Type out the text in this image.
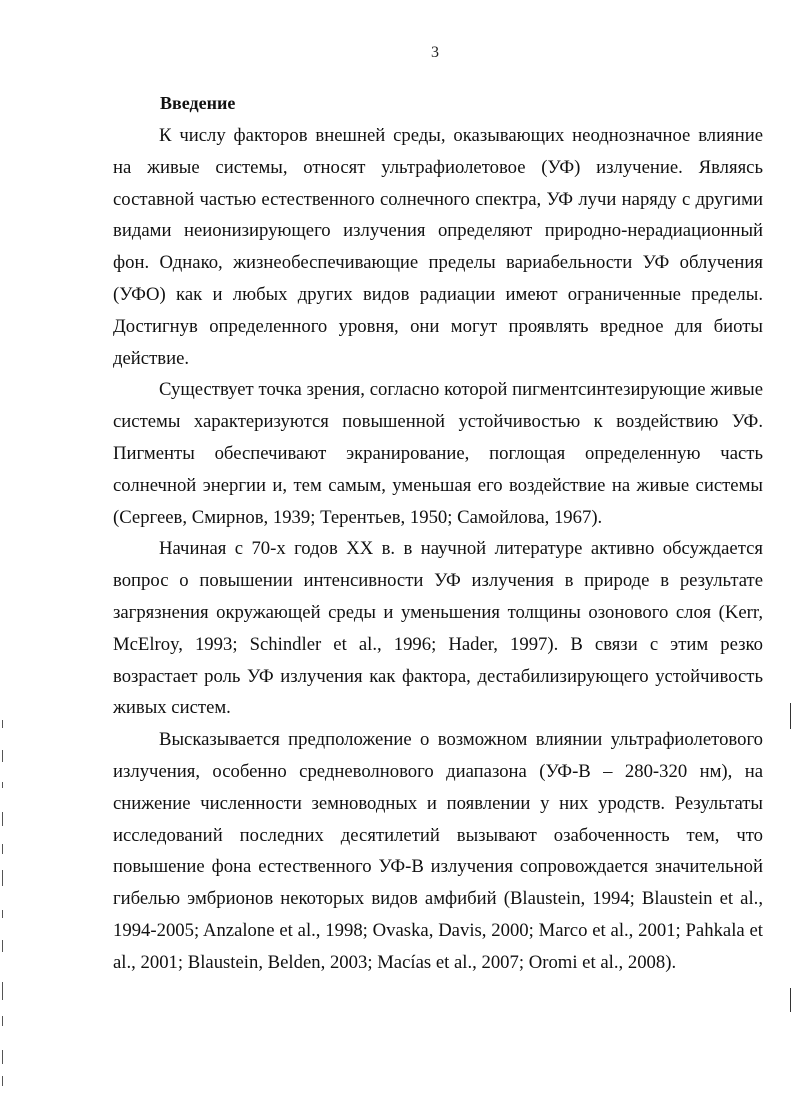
3
Введение

К числу факторов внешней среды, оказывающих неоднозначное влияние на живые системы, относят ультрафиолетовое (УФ) излучение. Являясь составной частью естественного солнечного спектра, УФ лучи наряду с другими видами неионизирующего излучения определяют природно-нерадиационный фон. Однако, жизнеобеспечивающие пределы вариабельности УФ облучения (УФО) как и любых других видов радиации имеют ограниченные пределы. Достигнув определенного уровня, они могут проявлять вредное для биоты действие.

Существует точка зрения, согласно которой пигментсинтезирующие живые системы характеризуются повышенной устойчивостью к воздействию УФ. Пигменты обеспечивают экранирование, поглощая определенную часть солнечной энергии и, тем самым, уменьшая его воздействие на живые системы (Сергеев, Смирнов, 1939; Терентьев, 1950; Самойлова, 1967).

Начиная с 70-х годов XX в. в научной литературе активно обсуждается вопрос о повышении интенсивности УФ излучения в природе в результате загрязнения окружающей среды и уменьшения толщины озонового слоя (Kerr, McElroy, 1993; Schindler et al., 1996; Hader, 1997). В связи с этим резко возрастает роль УФ излучения как фактора, дестабилизирующего устойчивость живых систем.

Высказывается предположение о возможном влиянии ультрафиолетового излучения, особенно средневолнового диапазона (УФ-В – 280-320 нм), на снижение численности земноводных и появлении у них уродств. Результаты исследований последних десятилетий вызывают озабоченность тем, что повышение фона естественного УФ-В излучения сопровождается значительной гибелью эмбрионов некоторых видов амфибий (Blaustein, 1994; Blaustein et al., 1994-2005; Anzalone et al., 1998; Ovaska, Davis, 2000; Marco et al., 2001; Pahkala et al., 2001; Blaustein, Belden, 2003; Macías et al., 2007; Oromi et al., 2008).
